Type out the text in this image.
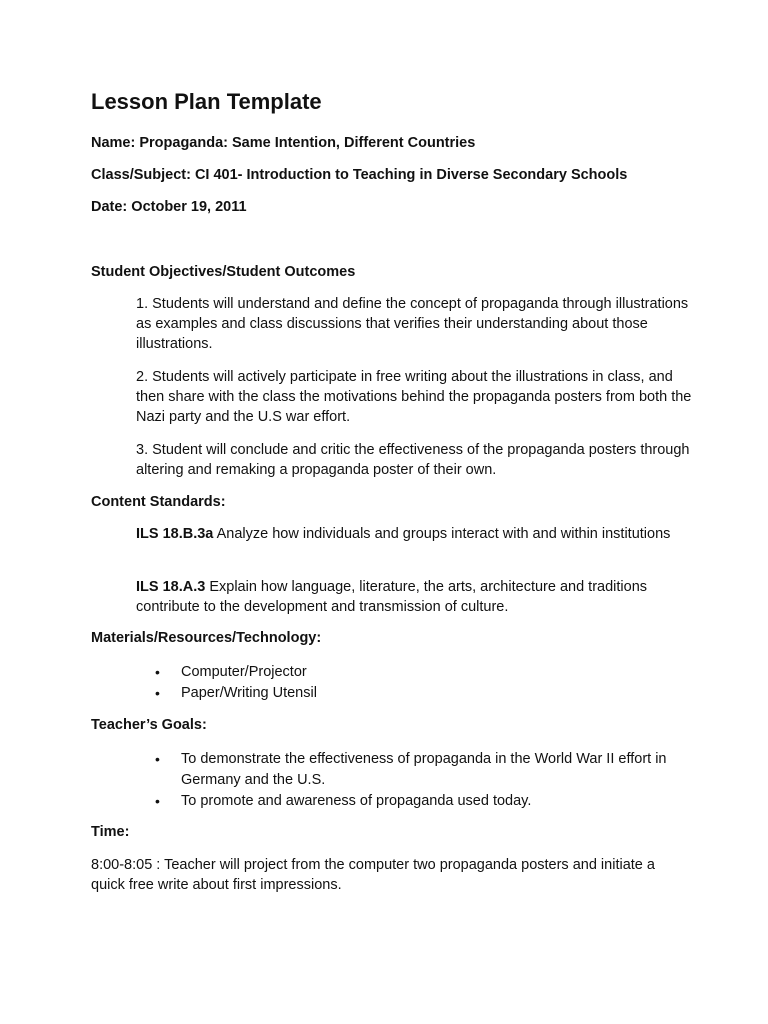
Lesson Plan Template
Name: Propaganda: Same Intention, Different Countries
Class/Subject: CI 401- Introduction to Teaching in Diverse Secondary Schools
Date: October 19, 2011
Student Objectives/Student Outcomes

1. Students will understand and define the concept of propaganda through illustrations as examples and class discussions that verifies their understanding about those illustrations.

2. Students will actively participate in free writing about the illustrations in class, and then share with the class the motivations behind the propaganda posters from both the Nazi party and the U.S war effort.

3. Student will conclude and critic the effectiveness of the propaganda posters through altering and remaking a propaganda poster of their own.

Content Standards:

ILS 18.B.3a Analyze how individuals and groups interact with and within institutions

ILS 18.A.3 Explain how language, literature, the arts, architecture and traditions contribute to the development and transmission of culture.

Materials/Resources/Technology:
• Computer/Projector
• Paper/Writing Utensil
Teacher’s Goals:
• To demonstrate the effectiveness of propaganda in the World War II effort in Germany and the U.S.
• To promote and awareness of propaganda used today.
Time:

8:00-8:05 : Teacher will project from the computer two propaganda posters and initiate a quick free write about first impressions.
